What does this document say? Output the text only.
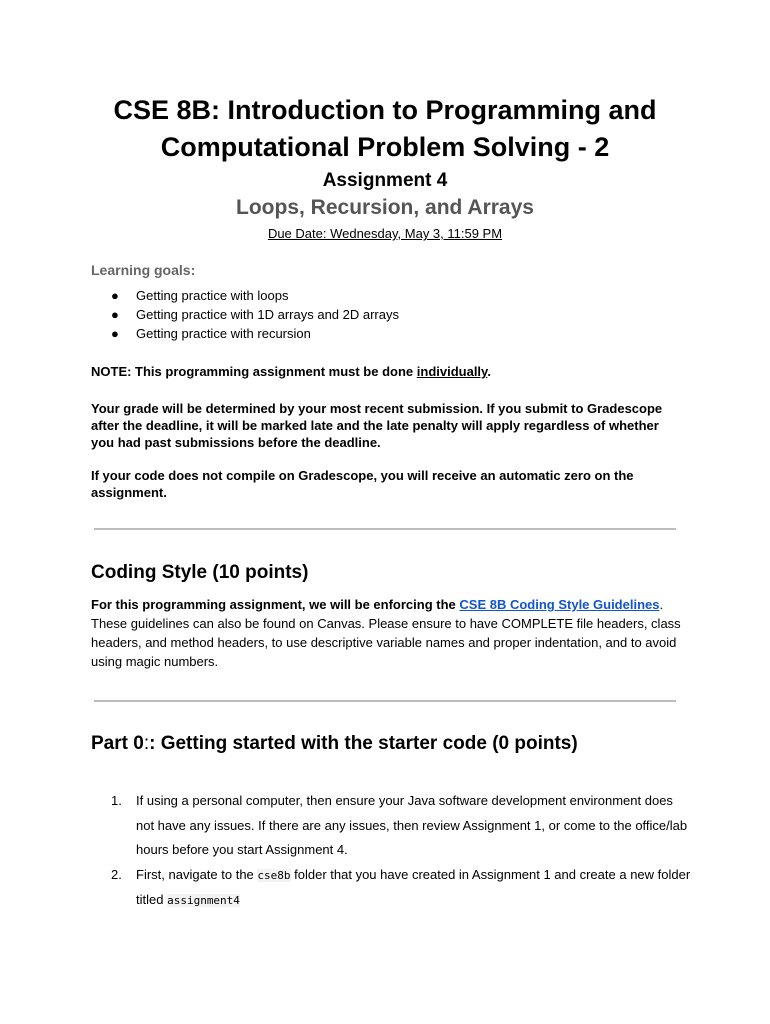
CSE 8B: Introduction to Programming and Computational Problem Solving - 2
Assignment 4
Loops, Recursion, and Arrays
Due Date: Wednesday, May 3, 11:59 PM
Learning goals:
● Getting practice with loops
● Getting practice with 1D arrays and 2D arrays
● Getting practice with recursion

NOTE: This programming assignment must be done individually.

Your grade will be determined by your most recent submission. If you submit to Gradescope after the deadline, it will be marked late and the late penalty will apply regardless of whether you had past submissions before the deadline.

If your code does not compile on Gradescope, you will receive an automatic zero on the assignment.

Coding Style (10 points)

For this programming assignment, we will be enforcing the CSE 8B Coding Style Guidelines. These guidelines can also be found on Canvas. Please ensure to have COMPLETE file headers, class headers, and method headers, to use descriptive variable names and proper indentation, and to avoid using magic numbers.

Part 0:: Getting started with the starter code (0 points)
1. If using a personal computer, then ensure your Java software development environment does not have any issues. If there are any issues, then review Assignment 1, or come to the office/lab hours before you start Assignment 4.
2. First, navigate to the cse8b folder that you have created in Assignment 1 and create a new folder titled assignment4
